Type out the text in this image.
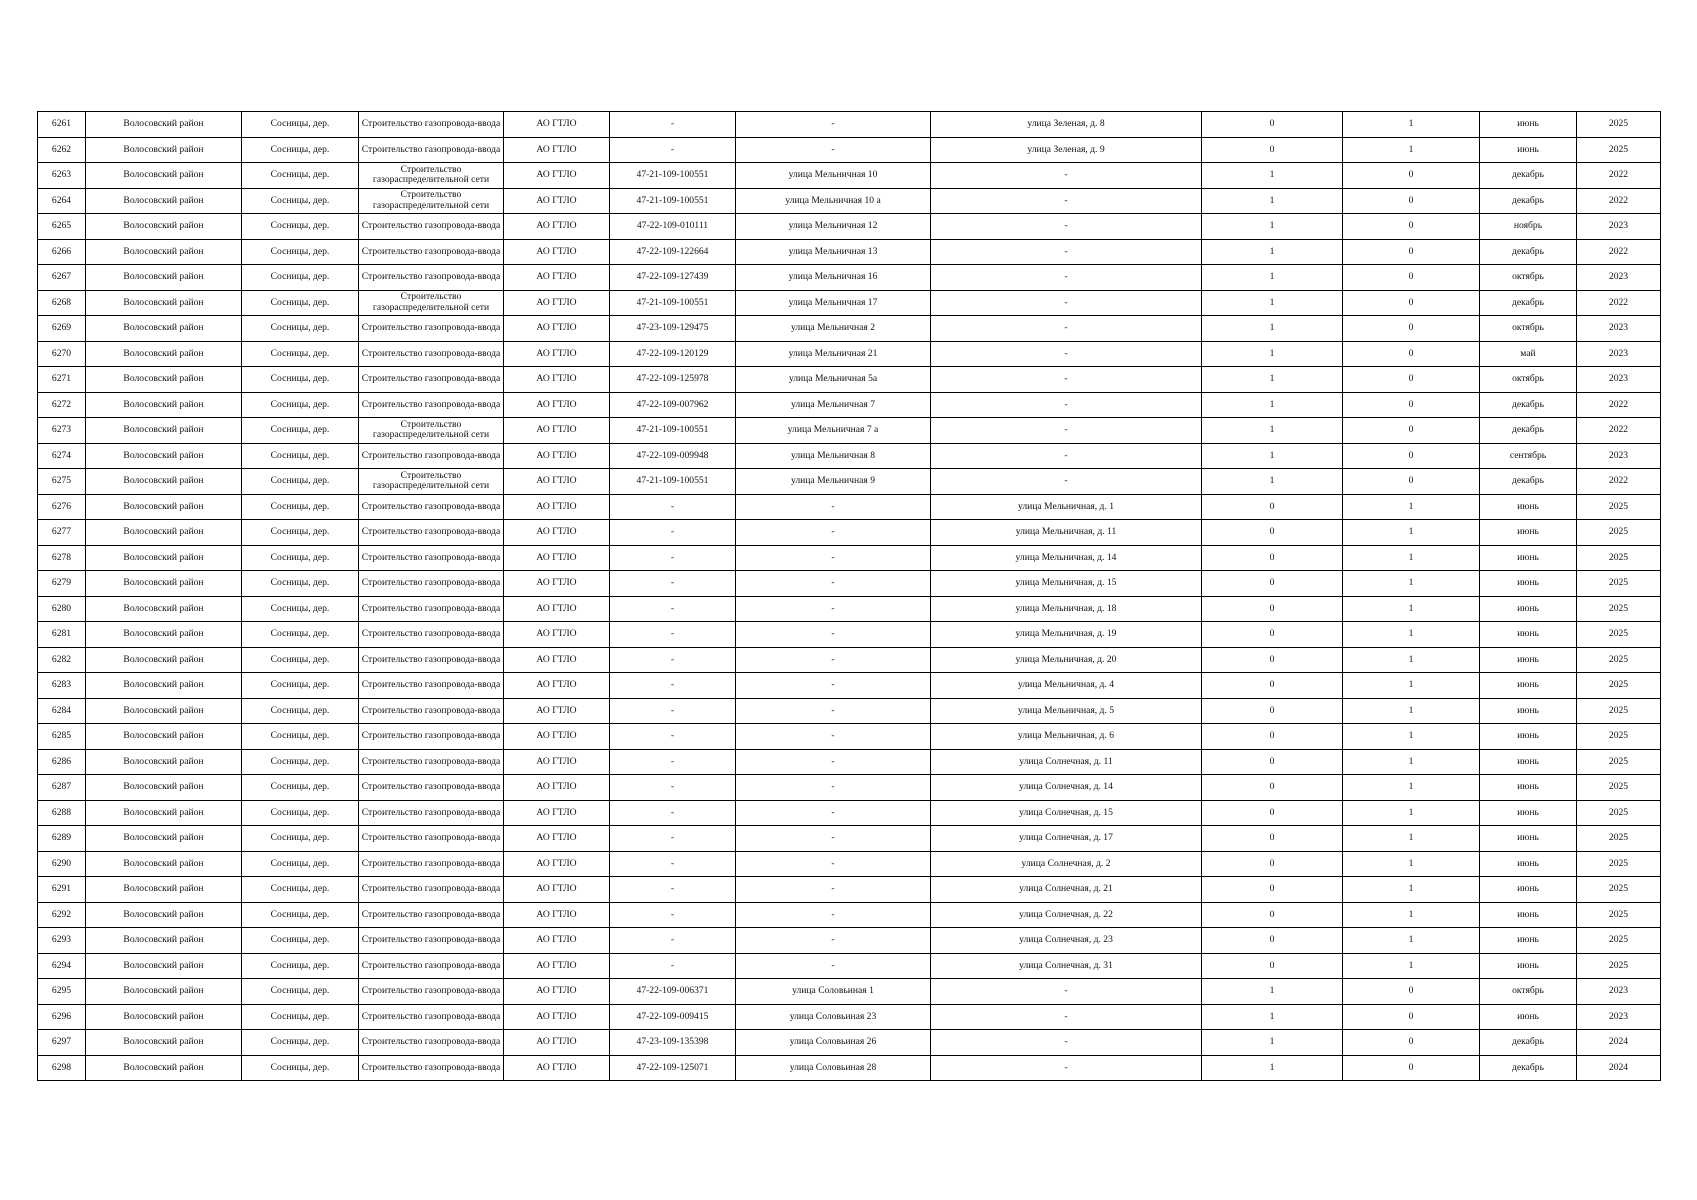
6261	Волосовский район	Сосницы, дер.	Строительство газопровода-ввода	АО ГТЛО	-	-	улица Зеленая, д. 8	0	1	июнь	2025
6262	Волосовский район	Сосницы, дер.	Строительство газопровода-ввода	АО ГТЛО	-	-	улица Зеленая, д. 9	0	1	июнь	2025
6263	Волосовский район	Сосницы, дер.	Строительство газораспределительной сети	АО ГТЛО	47-21-109-100551	улица Мельничная 10	-	1	0	декабрь	2022
6264	Волосовский район	Сосницы, дер.	Строительство газораспределительной сети	АО ГТЛО	47-21-109-100551	улица Мельничная 10 а	-	1	0	декабрь	2022
6265	Волосовский район	Сосницы, дер.	Строительство газопровода-ввода	АО ГТЛО	47-22-109-010111	улица Мельничная 12	-	1	0	ноябрь	2023
6266	Волосовский район	Сосницы, дер.	Строительство газопровода-ввода	АО ГТЛО	47-22-109-122664	улица Мельничная 13	-	1	0	декабрь	2022
6267	Волосовский район	Сосницы, дер.	Строительство газопровода-ввода	АО ГТЛО	47-22-109-127439	улица Мельничная 16	-	1	0	октябрь	2023
6268	Волосовский район	Сосницы, дер.	Строительство газораспределительной сети	АО ГТЛО	47-21-109-100551	улица Мельничная 17	-	1	0	декабрь	2022
6269	Волосовский район	Сосницы, дер.	Строительство газопровода-ввода	АО ГТЛО	47-23-109-129475	улица Мельничная 2	-	1	0	октябрь	2023
6270	Волосовский район	Сосницы, дер.	Строительство газопровода-ввода	АО ГТЛО	47-22-109-120129	улица Мельничная 21	-	1	0	май	2023
6271	Волосовский район	Сосницы, дер.	Строительство газопровода-ввода	АО ГТЛО	47-22-109-125978	улица Мельничная 5а	-	1	0	октябрь	2023
6272	Волосовский район	Сосницы, дер.	Строительство газопровода-ввода	АО ГТЛО	47-22-109-007962	улица Мельничная 7	-	1	0	декабрь	2022
6273	Волосовский район	Сосницы, дер.	Строительство газораспределительной сети	АО ГТЛО	47-21-109-100551	улица Мельничная 7 а	-	1	0	декабрь	2022
6274	Волосовский район	Сосницы, дер.	Строительство газопровода-ввода	АО ГТЛО	47-22-109-009948	улица Мельничная 8	-	1	0	сентябрь	2023
6275	Волосовский район	Сосницы, дер.	Строительство газораспределительной сети	АО ГТЛО	47-21-109-100551	улица Мельничная 9	-	1	0	декабрь	2022
6276	Волосовский район	Сосницы, дер.	Строительство газопровода-ввода	АО ГТЛО	-	-	улица Мельничная, д. 1	0	1	июнь	2025
6277	Волосовский район	Сосницы, дер.	Строительство газопровода-ввода	АО ГТЛО	-	-	улица Мельничная, д. 11	0	1	июнь	2025
6278	Волосовский район	Сосницы, дер.	Строительство газопровода-ввода	АО ГТЛО	-	-	улица Мельничная, д. 14	0	1	июнь	2025
6279	Волосовский район	Сосницы, дер.	Строительство газопровода-ввода	АО ГТЛО	-	-	улица Мельничная, д. 15	0	1	июнь	2025
6280	Волосовский район	Сосницы, дер.	Строительство газопровода-ввода	АО ГТЛО	-	-	улица Мельничная, д. 18	0	1	июнь	2025
6281	Волосовский район	Сосницы, дер.	Строительство газопровода-ввода	АО ГТЛО	-	-	улица Мельничная, д. 19	0	1	июнь	2025
6282	Волосовский район	Сосницы, дер.	Строительство газопровода-ввода	АО ГТЛО	-	-	улица Мельничная, д. 20	0	1	июнь	2025
6283	Волосовский район	Сосницы, дер.	Строительство газопровода-ввода	АО ГТЛО	-	-	улица Мельничная, д. 4	0	1	июнь	2025
6284	Волосовский район	Сосницы, дер.	Строительство газопровода-ввода	АО ГТЛО	-	-	улица Мельничная, д. 5	0	1	июнь	2025
6285	Волосовский район	Сосницы, дер.	Строительство газопровода-ввода	АО ГТЛО	-	-	улица Мельничная, д. 6	0	1	июнь	2025
6286	Волосовский район	Сосницы, дер.	Строительство газопровода-ввода	АО ГТЛО	-	-	улица Солнечная, д. 11	0	1	июнь	2025
6287	Волосовский район	Сосницы, дер.	Строительство газопровода-ввода	АО ГТЛО	-	-	улица Солнечная, д. 14	0	1	июнь	2025
6288	Волосовский район	Сосницы, дер.	Строительство газопровода-ввода	АО ГТЛО	-	-	улица Солнечная, д. 15	0	1	июнь	2025
6289	Волосовский район	Сосницы, дер.	Строительство газопровода-ввода	АО ГТЛО	-	-	улица Солнечная, д. 17	0	1	июнь	2025
6290	Волосовский район	Сосницы, дер.	Строительство газопровода-ввода	АО ГТЛО	-	-	улица Солнечная, д. 2	0	1	июнь	2025
6291	Волосовский район	Сосницы, дер.	Строительство газопровода-ввода	АО ГТЛО	-	-	улица Солнечная, д. 21	0	1	июнь	2025
6292	Волосовский район	Сосницы, дер.	Строительство газопровода-ввода	АО ГТЛО	-	-	улица Солнечная, д. 22	0	1	июнь	2025
6293	Волосовский район	Сосницы, дер.	Строительство газопровода-ввода	АО ГТЛО	-	-	улица Солнечная, д. 23	0	1	июнь	2025
6294	Волосовский район	Сосницы, дер.	Строительство газопровода-ввода	АО ГТЛО	-	-	улица Солнечная, д. 31	0	1	июнь	2025
6295	Волосовский район	Сосницы, дер.	Строительство газопровода-ввода	АО ГТЛО	47-22-109-006371	улица Соловьиная 1	-	1	0	октябрь	2023
6296	Волосовский район	Сосницы, дер.	Строительство газопровода-ввода	АО ГТЛО	47-22-109-009415	улица Соловьиная 23	-	1	0	июнь	2023
6297	Волосовский район	Сосницы, дер.	Строительство газопровода-ввода	АО ГТЛО	47-23-109-135398	улица Соловьиная 26	-	1	0	декабрь	2024
6298	Волосовский район	Сосницы, дер.	Строительство газопровода-ввода	АО ГТЛО	47-22-109-125071	улица Соловьиная 28	-	1	0	декабрь	2024
